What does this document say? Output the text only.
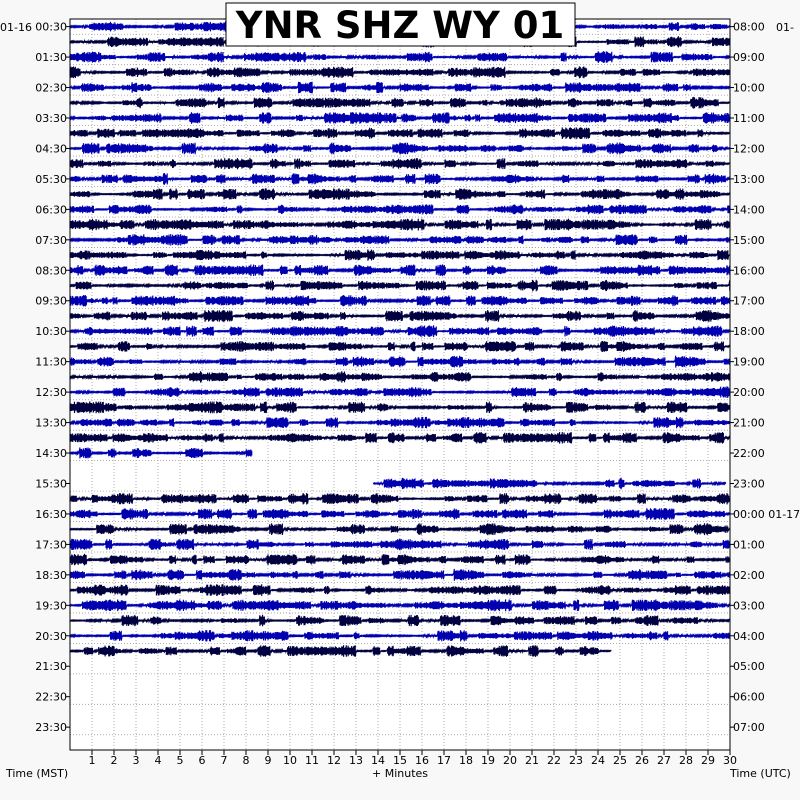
00:30
01:30
02:30
03:30
04:30
05:30
06:30
07:30
08:30
09:30
10:30
11:30
12:30
13:30
14:30
15:30
16:30
17:30
18:30
19:30
20:30
21:30
22:30
23:30
08:00
09:00
10:00
11:00
12:00
13:00
14:00
15:00
16:00
17:00
18:00
19:00
20:00
21:00
22:00
23:00
00:00 01-17
01:00
02:00
03:00
04:00
05:00
06:00
07:00
1 2 3 4 5 6 7 8 9 10 11 12 13 14 15 16 17 18 19 20 21 22 23 24 25 26 27 28 29 30
01-16	01-
Time (MST)	+ Minutes	Time (UTC)
YNR SHZ WY 01
